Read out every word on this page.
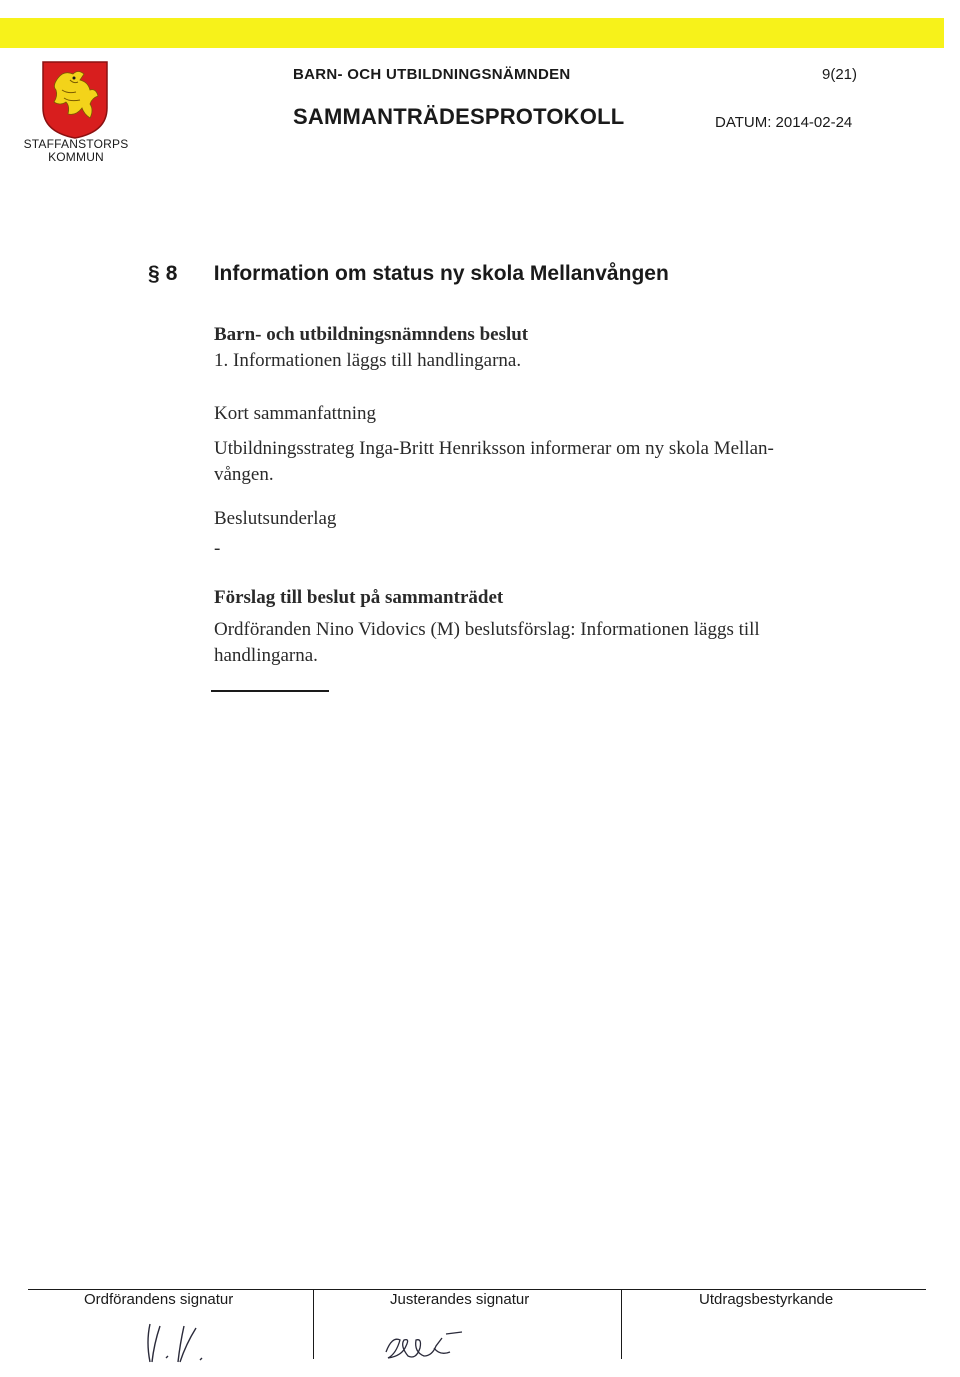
STAFFANSTORPS
KOMMUN
BARN- OCH UTBILDNINGSNÄMNDEN	9(21)
SAMMANTRÄDESPROTOKOLL	DATUM: 2014-02-24
§ 8	Information om status ny skola Mellanvången
Barn- och utbildningsnämndens beslut
1. Informationen läggs till handlingarna.
Kort sammanfattning
Utbildningsstrateg Inga-Britt Henriksson informerar om ny skola Mellan-
vången.
Beslutsunderlag
-
Förslag till beslut på sammanträdet
Ordföranden Nino Vidovics (M) beslutsförslag: Informationen läggs till
handlingarna.
Ordförandens signatur	Justerandes signatur	Utdragsbestyrkande
